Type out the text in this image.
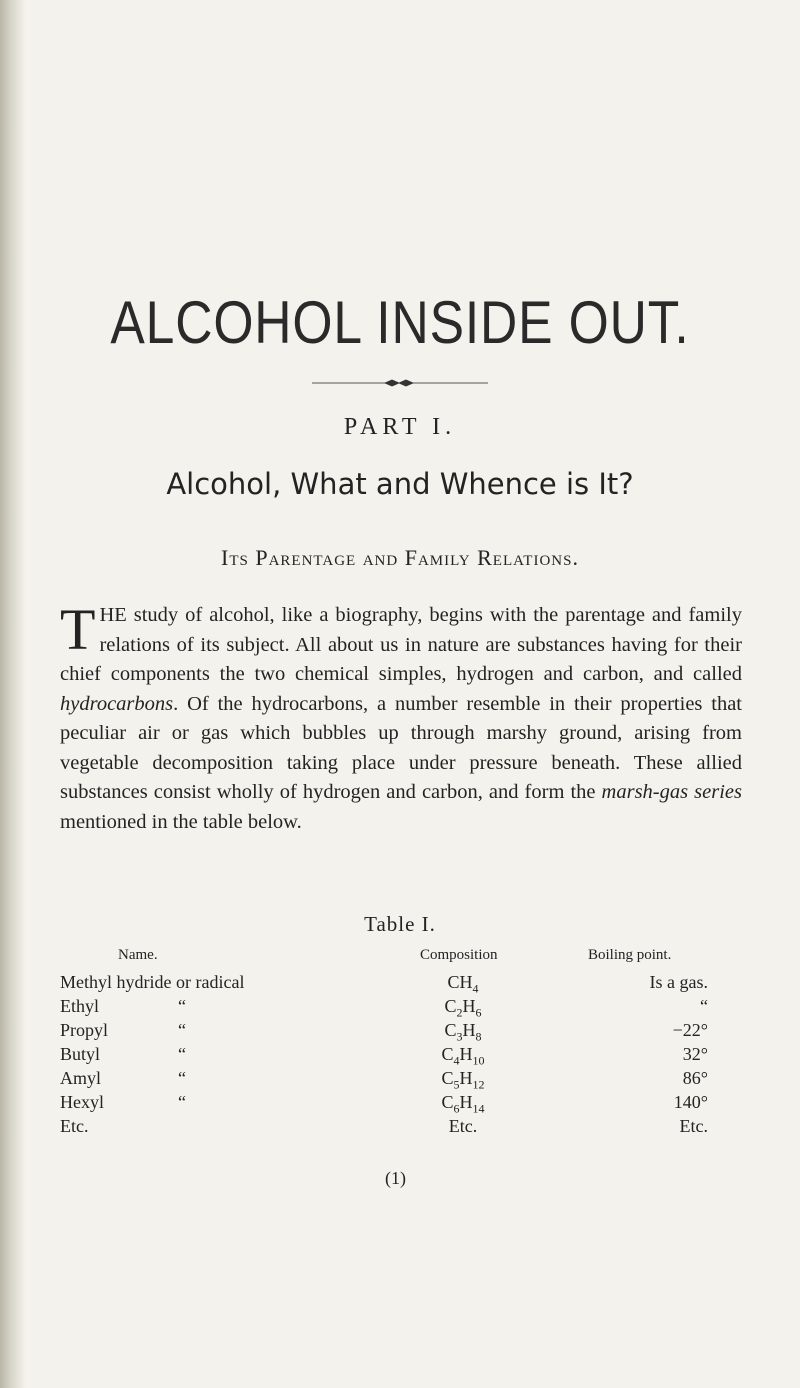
ALCOHOL INSIDE OUT.

PART I.

Alcohol, What and Whence is It?
Its Parentage and Family Relations.

T HE study of alcohol, like a biography, begins with the parentage and family relations of its subject. All about us in nature are substances having for their chief components the two chemical simples, hydrogen and carbon, and called hydrocarbons. Of the hydrocarbons, a number resemble in their properties that peculiar air or gas which bubbles up through marshy ground, arising from vegetable decomposition taking place under pressure beneath. These allied substances consist wholly of hydrogen and carbon, and form the marsh-gas series mentioned in the table below.

Table I.

Name.	Composition	Boiling point.
Methyl hydride or radical	$CH_4$	Is a gas.
Ethyl	“	$C_2H_6$	“
Propyl	“	$C_3H_8$	−22°
Butyl	“	$C_4H_{10}$	32°
Amyl	“	$C_5H_{12}$	86°
Hexyl	“	$C_6H_{14}$	140°
Etc.	Etc.	Etc.

(1)
